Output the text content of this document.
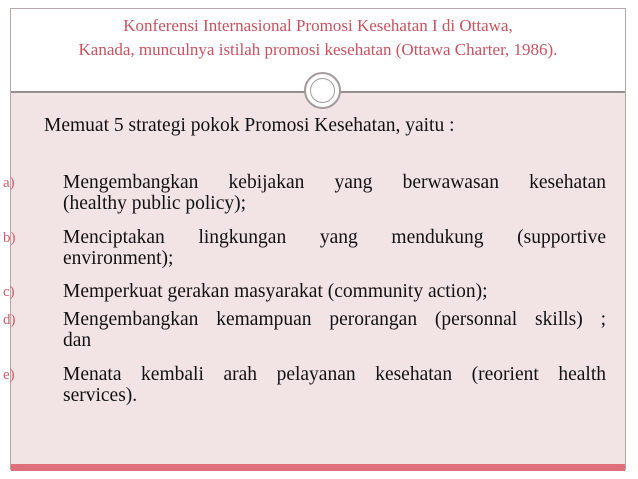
Konferensi Internasional Promosi Kesehatan I di Ottawa,
Kanada, munculnya istilah promosi kesehatan (Ottawa Charter, 1986).
Memuat 5 strategi pokok Promosi Kesehatan, yaitu :
a) Mengembangkan kebijakan yang berwawasan kesehatan
(healthy public policy);
b) Menciptakan lingkungan yang mendukung (supportive
environment);
c) Memperkuat gerakan masyarakat (community action);
d) Mengembangkan kemampuan perorangan (personnal skills) ;
dan
e) Menata kembali arah pelayanan kesehatan (reorient health
services).
